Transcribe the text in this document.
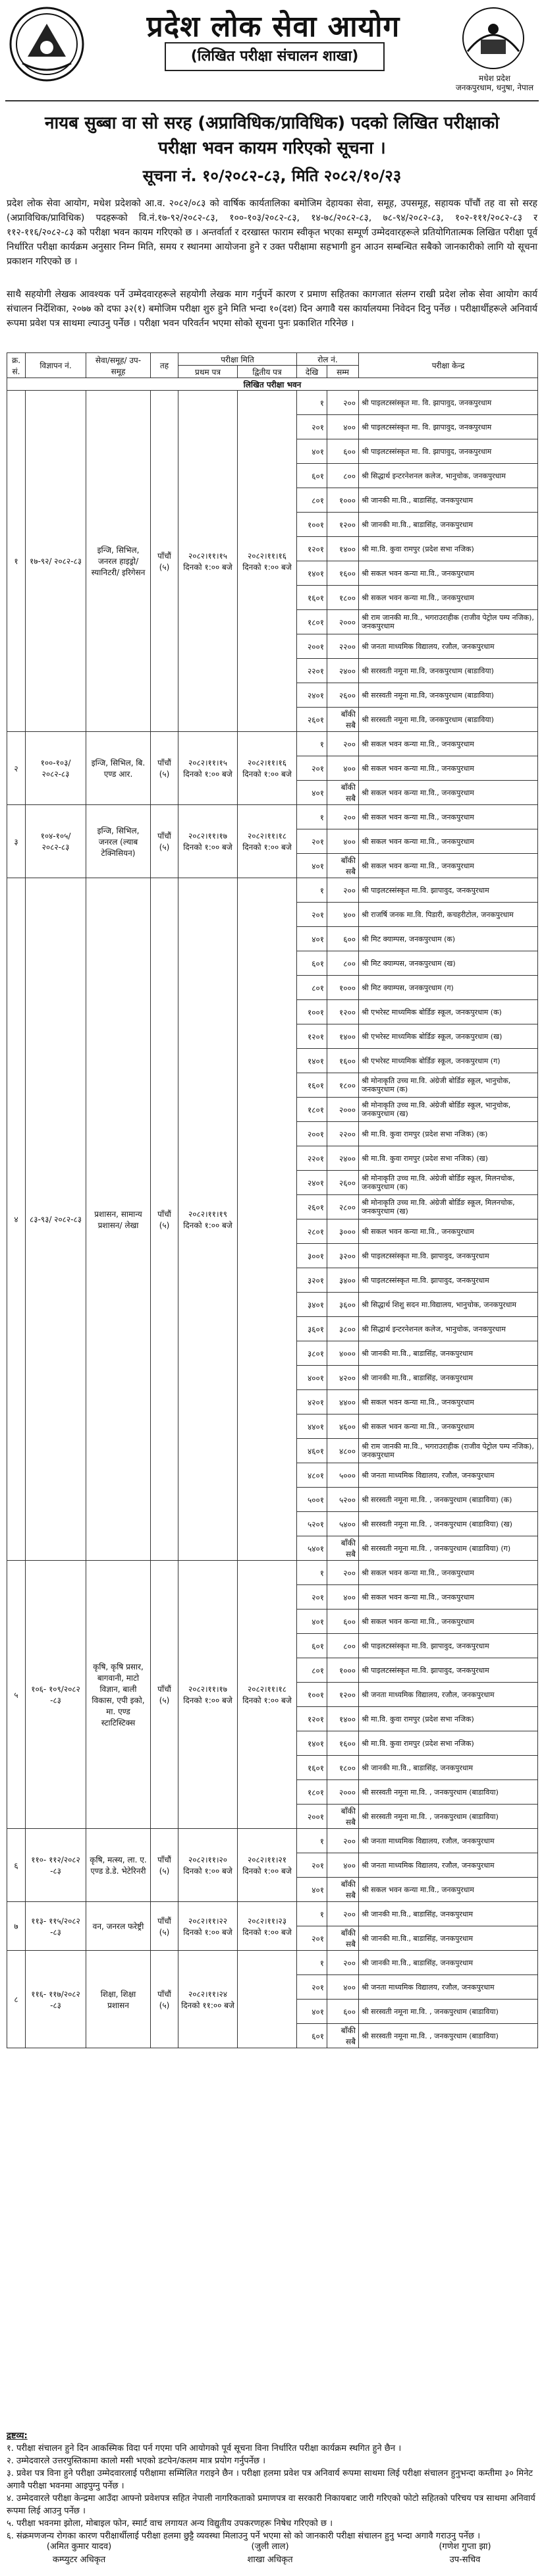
प्रदेश लोक सेवा आयोग
(लिखित परीक्षा संचालन शाखा)
मधेश प्रदेश
जनकपुरधाम, धनुषा, नेपाल
नायब सुब्बा वा सो सरह (अप्राविधिक/प्राविधिक) पदको लिखित परीक्षाको
परीक्षा भवन कायम गरिएको सूचना ।
सूचना नं. १०/२०८२-८३, मिति २०८२/१०/२३
प्रदेश लोक सेवा आयोग, मधेश प्रदेशको आ.व. २०८२/०८३ को वार्षिक कार्यतालिका बमोजिम देहायका सेवा, समूह, उपसमूह, सहायक पाँचौं तह वा सो सरह (अप्राविधिक/प्राविधिक) पदहरूको वि.नं.१७-९२/२०८२-८३, १००-१०३/२०८२-८३, १४-७८/२०८२-८३, ७८-९४/२०८२-८३, १०२-१११/२०८२-८३ र ११२-११६/२०८२-८३ को परीक्षा भवन कायम गरिएको छ । अन्तर्वार्ता र दरखास्त फाराम स्वीकृत भएका सम्पूर्ण उम्मेदवारहरूले प्रतियोगितात्मक लिखित परीक्षा पूर्व निर्धारित परीक्षा कार्यक्रम अनुसार निम्न मिति, समय र स्थानमा आयोजना हुने र उक्त परीक्षामा सहभागी हुन आउन सम्बन्धित सबैको जानकारीको लागि यो सूचना प्रकाशन गरिएको छ ।
साथै सहयोगी लेखक आवश्यक पर्ने उम्मेदवारहरूले सहयोगी लेखक माग गर्नुपर्ने कारण र प्रमाण सहितका कागजात संलग्न राखी प्रदेश लोक सेवा आयोग कार्य संचालन निर्देशिका, २०७७ को दफा ३२(१) बमोजिम परीक्षा शुरु हुने मिति भन्दा १०(दश) दिन अगावै यस कार्यालयमा निवेदन दिनु पर्नेछ । परीक्षार्थीहरूले अनिवार्य रूपमा प्रवेश पत्र साथमा ल्याउनु पर्नेछ । परीक्षा भवन परिवर्तन भएमा सोको सूचना पुनः प्रकाशित गरिनेछ ।
क्र. सं.	विज्ञापन नं.	सेवा/समूह/ उप-समूह	तह	परीक्षा मिति		रोल नं.		परीक्षा केन्द्र
				प्रथम पत्र	द्वितीय पत्र	देखि	सम्म	
लिखित परीक्षा भवन								
१	१७-९२/ २०८२-८३	इन्जि, सिभिल, जनरल हाइड्रो/ स्यानिटरी/ इरिगेसन	पाँचौं (५)	२०८२।११।१५ दिनको १:०० बजे	२०८२।११।१६ दिनको १:०० बजे	१	२००	श्री पाइलटस्संस्कृत मा. वि. झापावुद, जनकपुरधाम
						२०१	४००	श्री पाइलटस्संस्कृत मा. वि. झापावुद, जनकपुरधाम
						४०१	६००	श्री पाइलटस्संस्कृत मा. वि. झापावुद, जनकपुरधाम
						६०१	८००	श्री सिद्धार्थ इन्टरनेशनल कलेज, भानुचोक, जनकपुरधाम
						८०१	१०००	श्री जानकी मा.वि., बाडासिंह, जनकपुरधाम
						१००१	१२००	श्री जानकी मा.वि., बाडासिंह, जनकपुरधाम
						१२०१	१४००	श्री मा.वि. कुवा रामपुर (प्रदेश सभा नजिक)
						१४०१	१६००	श्री सकल भवन कन्या मा.वि., जनकपुरधाम
						१६०१	१८००	श्री सकल भवन कन्या मा.वि., जनकपुरधाम
						१८०१	२०००	श्री राम जानकी मा.वि., भगराउराहीक (राजीव पेट्रोल पम्प नजिक), जनकपुरधाम
						२००१	२२००	श्री जनता माध्यमिक विद्यालय, रजौल, जनकपुरधाम
						२२०१	२४००	श्री सरस्वती नमूना मा.वि, जनकपुरधाम (बाडाविया)
						२४०१	२६००	श्री सरस्वती नमूना मा.वि, जनकपुरधाम (बाडाविया)
						२६०१	बाँकी सबै	श्री सरस्वती नमूना मा.वि, जनकपुरधाम (बाडाविया)
२	१००-१०३/ २०८२-८३	इन्जि, सिभिल, बि. एण्ड आर.	पाँचौं (५)	२०८२।११।१५ दिनको १:०० बजे	२०८२।११।१६ दिनको १:०० बजे	१	२००	श्री सकल भवन कन्या मा.वि., जनकपुरधाम
						२०१	४००	श्री सकल भवन कन्या मा.वि., जनकपुरधाम
						४०१	बाँकी सबै	श्री सकल भवन कन्या मा.वि., जनकपुरधाम
३	१०४-१०५/ २०८२-८३	इन्जि, सिभिल, जनरल (ल्याब टेक्निसियन)	पाँचौं (५)	२०८२।११।१७ दिनको १:०० बजे	२०८२।११।१८ दिनको १:०० बजे	१	२००	श्री सकल भवन कन्या मा.वि., जनकपुरधाम
						२०१	४००	श्री सकल भवन कन्या मा.वि., जनकपुरधाम
						४०१	बाँकी सबै	श्री सकल भवन कन्या मा.वि., जनकपुरधाम
४	८३-९३/ २०८२-८३	प्रशासन, सामान्य प्रशासन/ लेखा	पाँचौं (५)	२०८२।११।१९ दिनको १:०० बजे		१	२००	श्री पाइलटस्संस्कृत मा.वि. झापावुद, जनकपुरधाम
						२०१	४००	श्री राजर्षि जनक मा.वि. पिडारी, कचहरीटोल, जनकपुरधाम
						४०१	६००	श्री मिट क्याम्पस, जनकपुरधाम (क)
						६०१	८००	श्री मिट क्याम्पस, जनकपुरधाम (ख)
						८०१	१०००	श्री मिट क्याम्पस, जनकपुरधाम (ग)
						१००१	१२००	श्री एभरेस्ट माध्यमिक बोर्डिङ स्कूल, जनकपुरधाम (क)
						१२०१	१४००	श्री एभरेस्ट माध्यमिक बोर्डिङ स्कूल, जनकपुरधाम (ख)
						१४०१	१६००	श्री एभरेस्ट माध्यमिक बोर्डिङ स्कूल, जनकपुरधाम (ग)
						१६०१	१८००	श्री मोनाकृति उच्च मा.वि. अंग्रेजी बोर्डिङ स्कूल, भानुचोक, जनकपुरधाम (क)
						१८०१	२०००	श्री मोनाकृति उच्च मा.वि. अंग्रेजी बोर्डिङ स्कूल, भानुचोक, जनकपुरधाम (ख)
						२००१	२२००	श्री मा.वि. कुवा रामपुर (प्रदेश सभा नजिक) (क)
						२२०१	२४००	श्री मा.वि. कुवा रामपुर (प्रदेश सभा नजिक) (ख)
						२४०१	२६००	श्री मोनाकृति उच्च मा.वि. अंग्रेजी बोर्डिङ स्कूल, मिलनचोक, जनकपुरधाम (क)
						२६०१	२८००	श्री मोनाकृति उच्च मा.वि. अंग्रेजी बोर्डिङ स्कूल, मिलनचोक, जनकपुरधाम (ख)
						२८०१	३०००	श्री सकल भवन कन्या मा.वि., जनकपुरधाम
						३००१	३२००	श्री पाइलटस्संस्कृत मा.वि. झापावुद, जनकपुरधाम
						३२०१	३४००	श्री पाइलटस्संस्कृत मा.वि. झापावुद, जनकपुरधाम
						३४०१	३६००	श्री सिद्धार्थ शिशु सदन मा.विद्यालय, भानुचोक, जनकपुरधाम
						३६०१	३८००	श्री सिद्धार्थ इन्टरनेशनल कलेज, भानुचोक, जनकपुरधाम
						३८०१	४०००	श्री जानकी मा.वि., बाडासिंह, जनकपुरधाम
						४००१	४२००	श्री जानकी मा.वि., बाडासिंह, जनकपुरधाम
						४२०१	४४००	श्री सकल भवन कन्या मा.वि., जनकपुरधाम
						४४०१	४६००	श्री सकल भवन कन्या मा.वि., जनकपुरधाम
						४६०१	४८००	श्री राम जानकी मा.वि., भगराउराहीक (राजीव पेट्रोल पम्प नजिक), जनकपुरधाम
						४८०१	५०००	श्री जनता माध्यमिक विद्यालय, रजौल, जनकपुरधाम
						५००१	५२००	श्री सरस्वती नमूना मा.वि. , जनकपुरधाम (बाडाविया) (क)
						५२०१	५४००	श्री सरस्वती नमूना मा.वि. , जनकपुरधाम (बाडाविया) (ख)
						५४०१	बाँकी सबै	श्री सरस्वती नमूना मा.वि. , जनकपुरधाम (बाडाविया) (ग)
५	१०६- १०९/२०८२ -८३	कृषि, कृषि प्रसार, बागवानी, माटो विज्ञान, बाली विकास, एपी इको, मा. एण्ड स्टाटिस्टिक्स	पाँचौं (५)	२०८२।११।१७ दिनको १:०० बजे	२०८२।११।१८ दिनको १:०० बजे	१	२००	श्री सकल भवन कन्या मा.वि., जनकपुरधाम
						२०१	४००	श्री सकल भवन कन्या मा.वि., जनकपुरधाम
						४०१	६००	श्री सकल भवन कन्या मा.वि., जनकपुरधाम
						६०१	८००	श्री पाइलटस्संस्कृत मा.वि. झापावुद, जनकपुरधाम
						८०१	१०००	श्री पाइलटस्संस्कृत मा.वि. झापावुद, जनकपुरधाम
						१००१	१२००	श्री जनता माध्यमिक विद्यालय, रजौल, जनकपुरधाम
						१२०१	१४००	श्री मा.वि. कुवा रामपुर (प्रदेश सभा नजिक)
						१४०१	१६००	श्री मा.वि. कुवा रामपुर (प्रदेश सभा नजिक)
						१६०१	१८००	श्री जानकी मा.वि., बाडासिंह, जनकपुरधाम
						१८०१	२०००	श्री सरस्वती नमूना मा.वि. , जनकपुरधाम (बाडाविया)
						२००१	बाँकी सबै	श्री सरस्वती नमूना मा.वि. , जनकपुरधाम (बाडाविया)
६	११०- ११२/२०८२ -८३	कृषि, मत्स्य, ला. ए. एण्ड डे.डे. भेटेरिनरी	पाँचौं (५)	२०८२।११।२० दिनको १:०० बजे	२०८२।११।२१ दिनको १:०० बजे	१	२००	श्री जनता माध्यमिक विद्यालय, रजौल, जनकपुरधाम
						२०१	४००	श्री जनता माध्यमिक विद्यालय, रजौल, जनकपुरधाम
						४०१	बाँकी सबै	श्री सकल भवन कन्या मा.वि., जनकपुरधाम
७	११३- ११५/२०८२ -८३	वन, जनरल फरेष्ट्री	पाँचौं (५)	२०८२।११।२२ दिनको १:०० बजे	२०८२।११।२३ दिनको १:०० बजे	१	२००	श्री जानकी मा.वि., बाडासिंह, जनकपुरधाम
						२०१	बाँकी सबै	श्री जानकी मा.वि., बाडासिंह, जनकपुरधाम
८	११६- ११७/२०८२ -८३	शिक्षा, शिक्षा प्रशासन	पाँचौं (५)	२०८२।११।२४ दिनको ११:०० बजे		१	२००	श्री जानकी मा.वि., बाडासिंह, जनकपुरधाम
						२०१	४००	श्री जनता माध्यमिक विद्यालय, रजौल, जनकपुरधाम
						४०१	६००	श्री सरस्वती नमूना मा.वि. , जनकपुरधाम (बाडाविया)
						६०१	बाँकी सबै	श्री सरस्वती नमूना मा.वि. , जनकपुरधाम (बाडाविया)
द्रष्टव्य:
१. परीक्षा संचालन हुने दिन आकस्मिक विदा पर्न गएमा पनि आयोगको पूर्व सूचना विना निर्धारित परीक्षा कार्यक्रम स्थगित हुने छैन ।
२. उम्मेदवारले उत्तरपुस्तिकामा कालो मसी भएको डटपेन/कलम मात्र प्रयोग गर्नुपर्नेछ ।
३. प्रवेश पत्र विना हुने परीक्षा उम्मेदवारलाई परीक्षामा सम्मिलित गराइने छैन । परीक्षा हलमा प्रवेश पत्र अनिवार्य रूपमा साथमा लिई परीक्षा संचालन हुनुभन्दा कम्तीमा ३० मिनेट अगावै परीक्षा भवनमा आइपुग्नु पर्नेछ ।
४. उम्मेदवारले परीक्षा केन्द्रमा आउँदा आफ्नो प्रवेशपत्र सहित नेपाली नागरिकताको प्रमाणपत्र वा सरकारी निकायबाट जारी गरिएको फोटो सहितको परिचय पत्र साथमा अनिवार्य रूपमा लिई आउनु पर्नेछ ।
५. परीक्षा भवनमा झोला, मोबाइल फोन, स्मार्ट वाच लगायत अन्य विद्युतीय उपकरणहरू निषेध गरिएको छ ।
६. संक्रमणजन्य रोगका कारण परीक्षार्थीलाई परीक्षा हलमा छुट्टै व्यवस्था मिलाउनु पर्ने भएमा सो को जानकारी परीक्षा संचालन हुनु भन्दा अगावै गराउनु पर्नेछ ।
(अमित कुमार यादव)
कम्प्युटर अधिकृत
(जुली लाल)
शाखा अधिकृत
(गणेश गुप्ता झा)
उप-सचिव
